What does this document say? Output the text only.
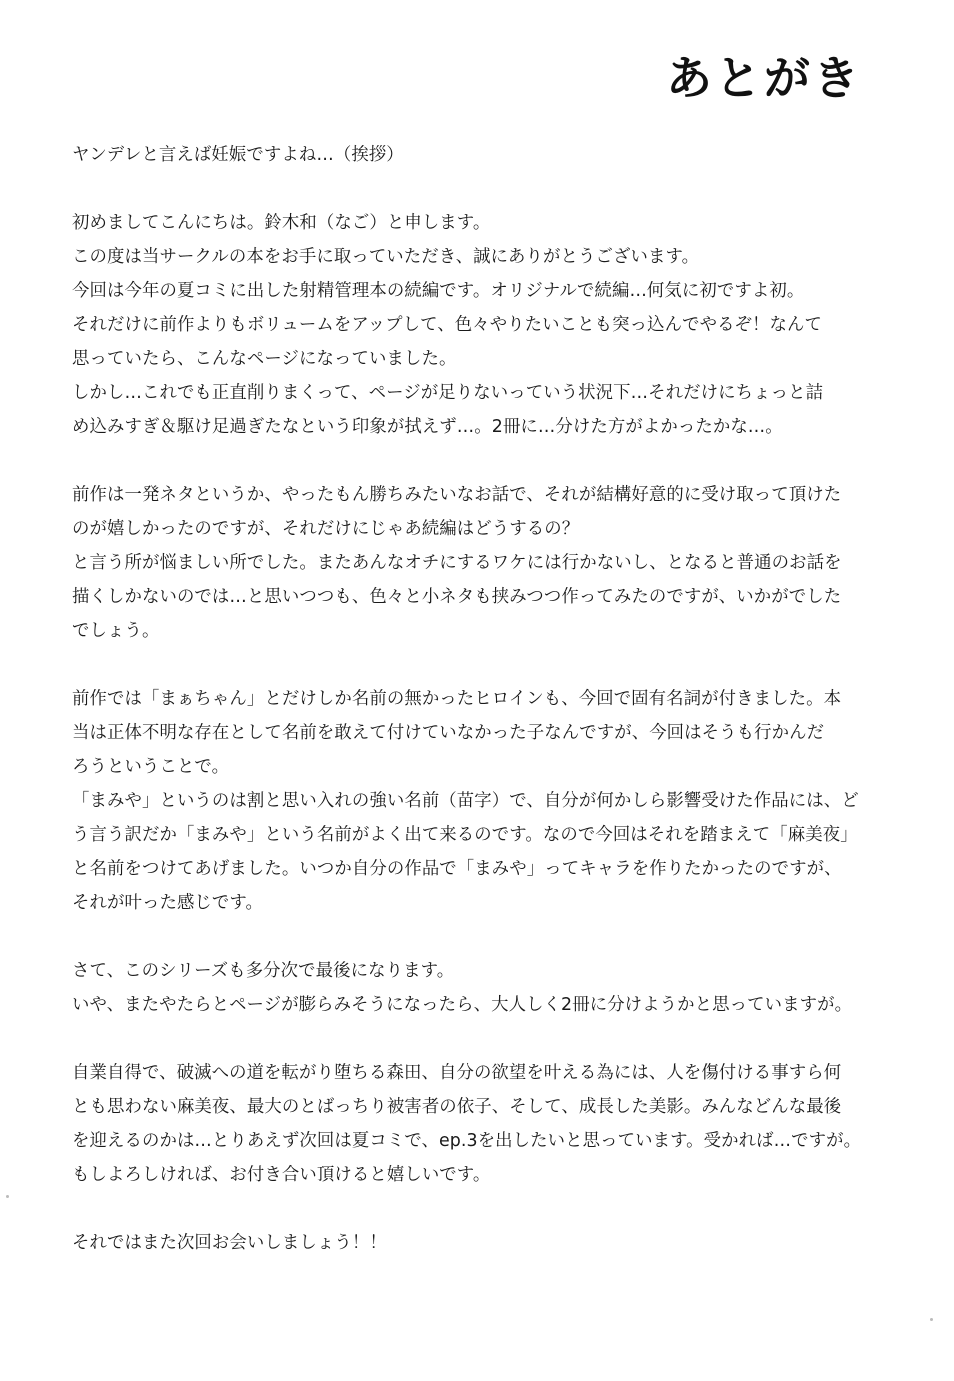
あとがき
ヤンデレと言えば妊娠ですよね…（挨拶）
初めましてこんにちは。鈴木和（なご）と申します。
この度は当サークルの本をお手に取っていただき、誠にありがとうございます。
今回は今年の夏コミに出した射精管理本の続編です。オリジナルで続編…何気に初ですよ初。
それだけに前作よりもボリュームをアップして、色々やりたいことも突っ込んでやるぞ！なんて
思っていたら、こんなページになっていました。
しかし…これでも正直削りまくって、ページが足りないっていう状況下…それだけにちょっと詰
め込みすぎ＆駆け足過ぎたなという印象が拭えず…。2冊に…分けた方がよかったかな…。
前作は一発ネタというか、やったもん勝ちみたいなお話で、それが結構好意的に受け取って頂けた
のが嬉しかったのですが、それだけにじゃあ続編はどうするの？
と言う所が悩ましい所でした。またあんなオチにするワケには行かないし、となると普通のお話を
描くしかないのでは…と思いつつも、色々と小ネタも挟みつつ作ってみたのですが、いかがでした
でしょう。
前作では「まぁちゃん」とだけしか名前の無かったヒロインも、今回で固有名詞が付きました。本
当は正体不明な存在として名前を敢えて付けていなかった子なんですが、今回はそうも行かんだ
ろうということで。
「まみや」というのは割と思い入れの強い名前（苗字）で、自分が何かしら影響受けた作品には、ど
う言う訳だか「まみや」という名前がよく出て来るのです。なので今回はそれを踏まえて「麻美夜」
と名前をつけてあげました。いつか自分の作品で「まみや」ってキャラを作りたかったのですが、
それが叶った感じです。
さて、このシリーズも多分次で最後になります。
いや、またやたらとページが膨らみそうになったら、大人しく2冊に分けようかと思っていますが。
自業自得で、破滅への道を転がり堕ちる森田、自分の欲望を叶える為には、人を傷付ける事すら何
とも思わない麻美夜、最大のとばっちり被害者の依子、そして、成長した美影。みんなどんな最後
を迎えるのかは…とりあえず次回は夏コミで、ep.3を出したいと思っています。受かれば…ですが。
もしよろしければ、お付き合い頂けると嬉しいです。
それではまた次回お会いしましょう！！
